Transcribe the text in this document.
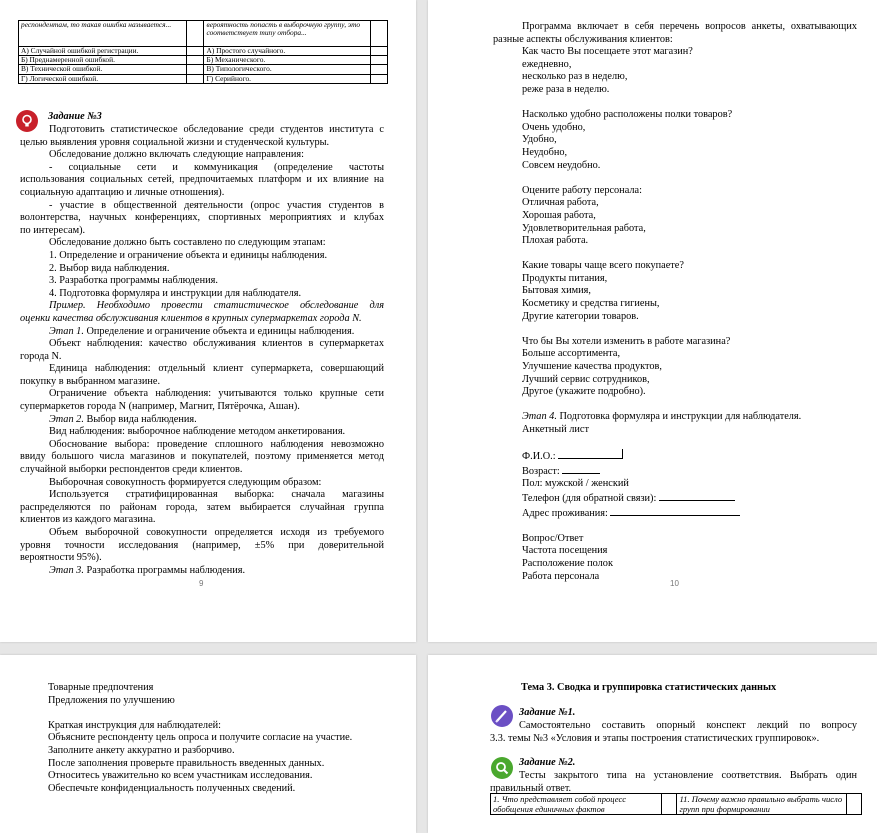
респондентам, то такая ошибка называется...		вероятность попасть в выборочную группу, это соответствует типу отбора...	
А) Случайной ошибкой регистрации.		А) Простого случайного.	
Б) Преднамеренной ошибкой.		Б) Механического.	
В) Технической ошибкой.		В) Типологического.	
Г) Логической ошибкой.		Г) Серийного.	
Задание №3
Подготовить статистическое обследование среди студентов института с
целью выявления уровня социальной жизни и студенческой культуры.
Обследование должно включать следующие направления:
- социальные сети и коммуникация (определение частоты
использования социальных сетей, предпочитаемых платформ и их влияние на
социальную адаптацию и личные отношения).
- участие в общественной деятельности (опрос участия студентов в
волонтерства, научных конференциях, спортивных мероприятиях и клубах
по интересам).
Обследование должно быть составлено по следующим этапам:
1. Определение и ограничение объекта и единицы наблюдения.
2. Выбор вида наблюдения.
3. Разработка программы наблюдения.
4. Подготовка формуляра и инструкции для наблюдателя.
Пример. Необходимо провести статистическое обследование для
оценки качества обслуживания клиентов в крупных супермаркетах города N.
Этап 1. Определение и ограничение объекта и единицы наблюдения.
Объект наблюдения: качество обслуживания клиентов в супермаркетах
города N.
Единица наблюдения: отдельный клиент супермаркета, совершающий
покупку в выбранном магазине.
Ограничение объекта наблюдения: учитываются только крупные сети
супермаркетов города N (например, Магнит, Пятёрочка, Ашан).
Этап 2. Выбор вида наблюдения.
Вид наблюдения: выборочное наблюдение методом анкетирования.
Обоснование выбора: проведение сплошного наблюдения невозможно
ввиду большого числа магазинов и покупателей, поэтому применяется метод
случайной выборки респондентов среди клиентов.
Выборочная совокупность формируется следующим образом:
Используется стратифицированная выборка: сначала магазины
распределяются по районам города, затем выбирается случайная группа
клиентов из каждого магазина.
Объем выборочной совокупности определяется исходя из требуемого
уровня точности исследования (например, ±5% при доверительной
вероятности 95%).
Этап 3. Разработка программы наблюдения.
9
Программа включает в себя перечень вопросов анкеты, охватывающих
разные аспекты обслуживания клиентов:
Как часто Вы посещаете этот магазин?
ежедневно,
несколько раз в неделю,
реже раза в неделю.
Насколько удобно расположены полки товаров?
Очень удобно,
Удобно,
Неудобно,
Совсем неудобно.
Оцените работу персонала:
Отличная работа,
Хорошая работа,
Удовлетворительная работа,
Плохая работа.
Какие товары чаще всего покупаете?
Продукты питания,
Бытовая химия,
Косметику и средства гигиены,
Другие категории товаров.
Что бы Вы хотели изменить в работе магазина?
Больше ассортимента,
Улучшение качества продуктов,
Лучший сервис сотрудников,
Другое (укажите подробно).
Этап 4. Подготовка формуляра и инструкции для наблюдателя.
Анкетный лист
Ф.И.О.:
Возраст:
Пол: мужской / женский
Телефон (для обратной связи):
Адрес проживания:
Вопрос/Ответ
Частота посещения
Расположение полок
Работа персонала
10
Товарные предпочтения
Предложения по улучшению
Краткая инструкция для наблюдателей:
Объясните респонденту цель опроса и получите согласие на участие.
Заполните анкету аккуратно и разборчиво.
После заполнения проверьте правильность введенных данных.
Относитесь уважительно ко всем участникам исследования.
Обеспечьте конфиденциальность полученных сведений.
Тема 3. Сводка и группировка статистических данных
Задание №1.
Самостоятельно составить опорный конспект лекций по вопросу
3.3. темы №3 «Условия и этапы построения статистических группировок».
Задание №2.
Тесты закрытого типа на установление соответствия. Выбрать один
правильный ответ.
1. Что представляет собой процесс обобщения единичных фактов		11. Почему важно правильно выбрать число групп при формировании	
